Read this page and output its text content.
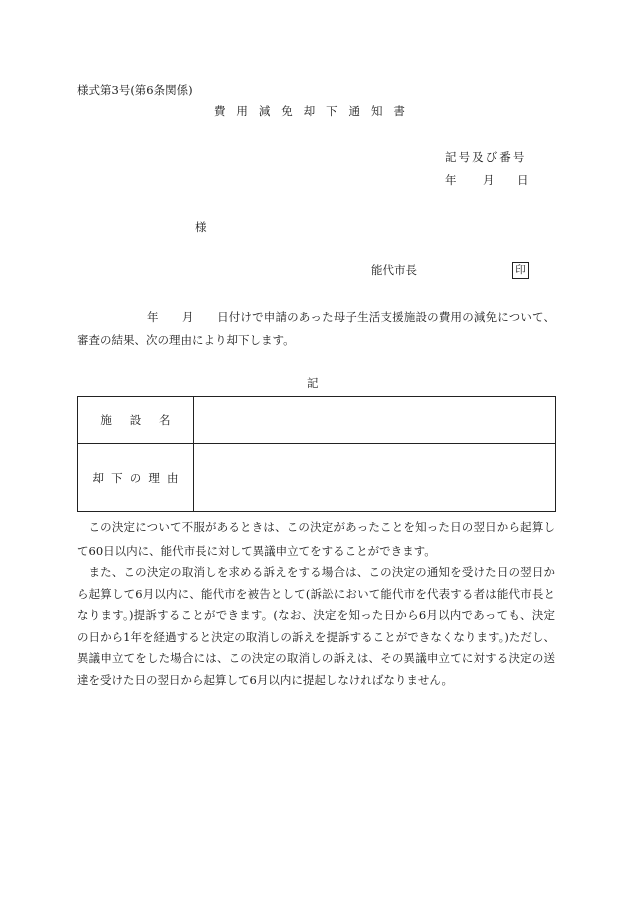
様式第3号(第6条関係)
費用減免却下通知書
記号及び番号
年 月 日
様
能代市長	印

年　　月　　日付けで申請のあった母子生活支援施設の費用の減免について、審査の結果、次の理由により却下します。

記
施設名
却下の理由

この決定について不服があるときは、この決定があったことを知った日の翌日から起算して60日以内に、能代市長に対して異議申立てをすることができます。

また、この決定の取消しを求める訴えをする場合は、この決定の通知を受けた日の翌日から起算して6月以内に、能代市を被告として(訴訟において能代市を代表する者は能代市長となります。)提訴することができます。(なお、決定を知った日から6月以内であっても、決定の日から1年を経過すると決定の取消しの訴えを提訴することができなくなります。)ただし、異議申立てをした場合には、この決定の取消しの訴えは、その異議申立てに対する決定の送達を受けた日の翌日から起算して6月以内に提起しなければなりません。
